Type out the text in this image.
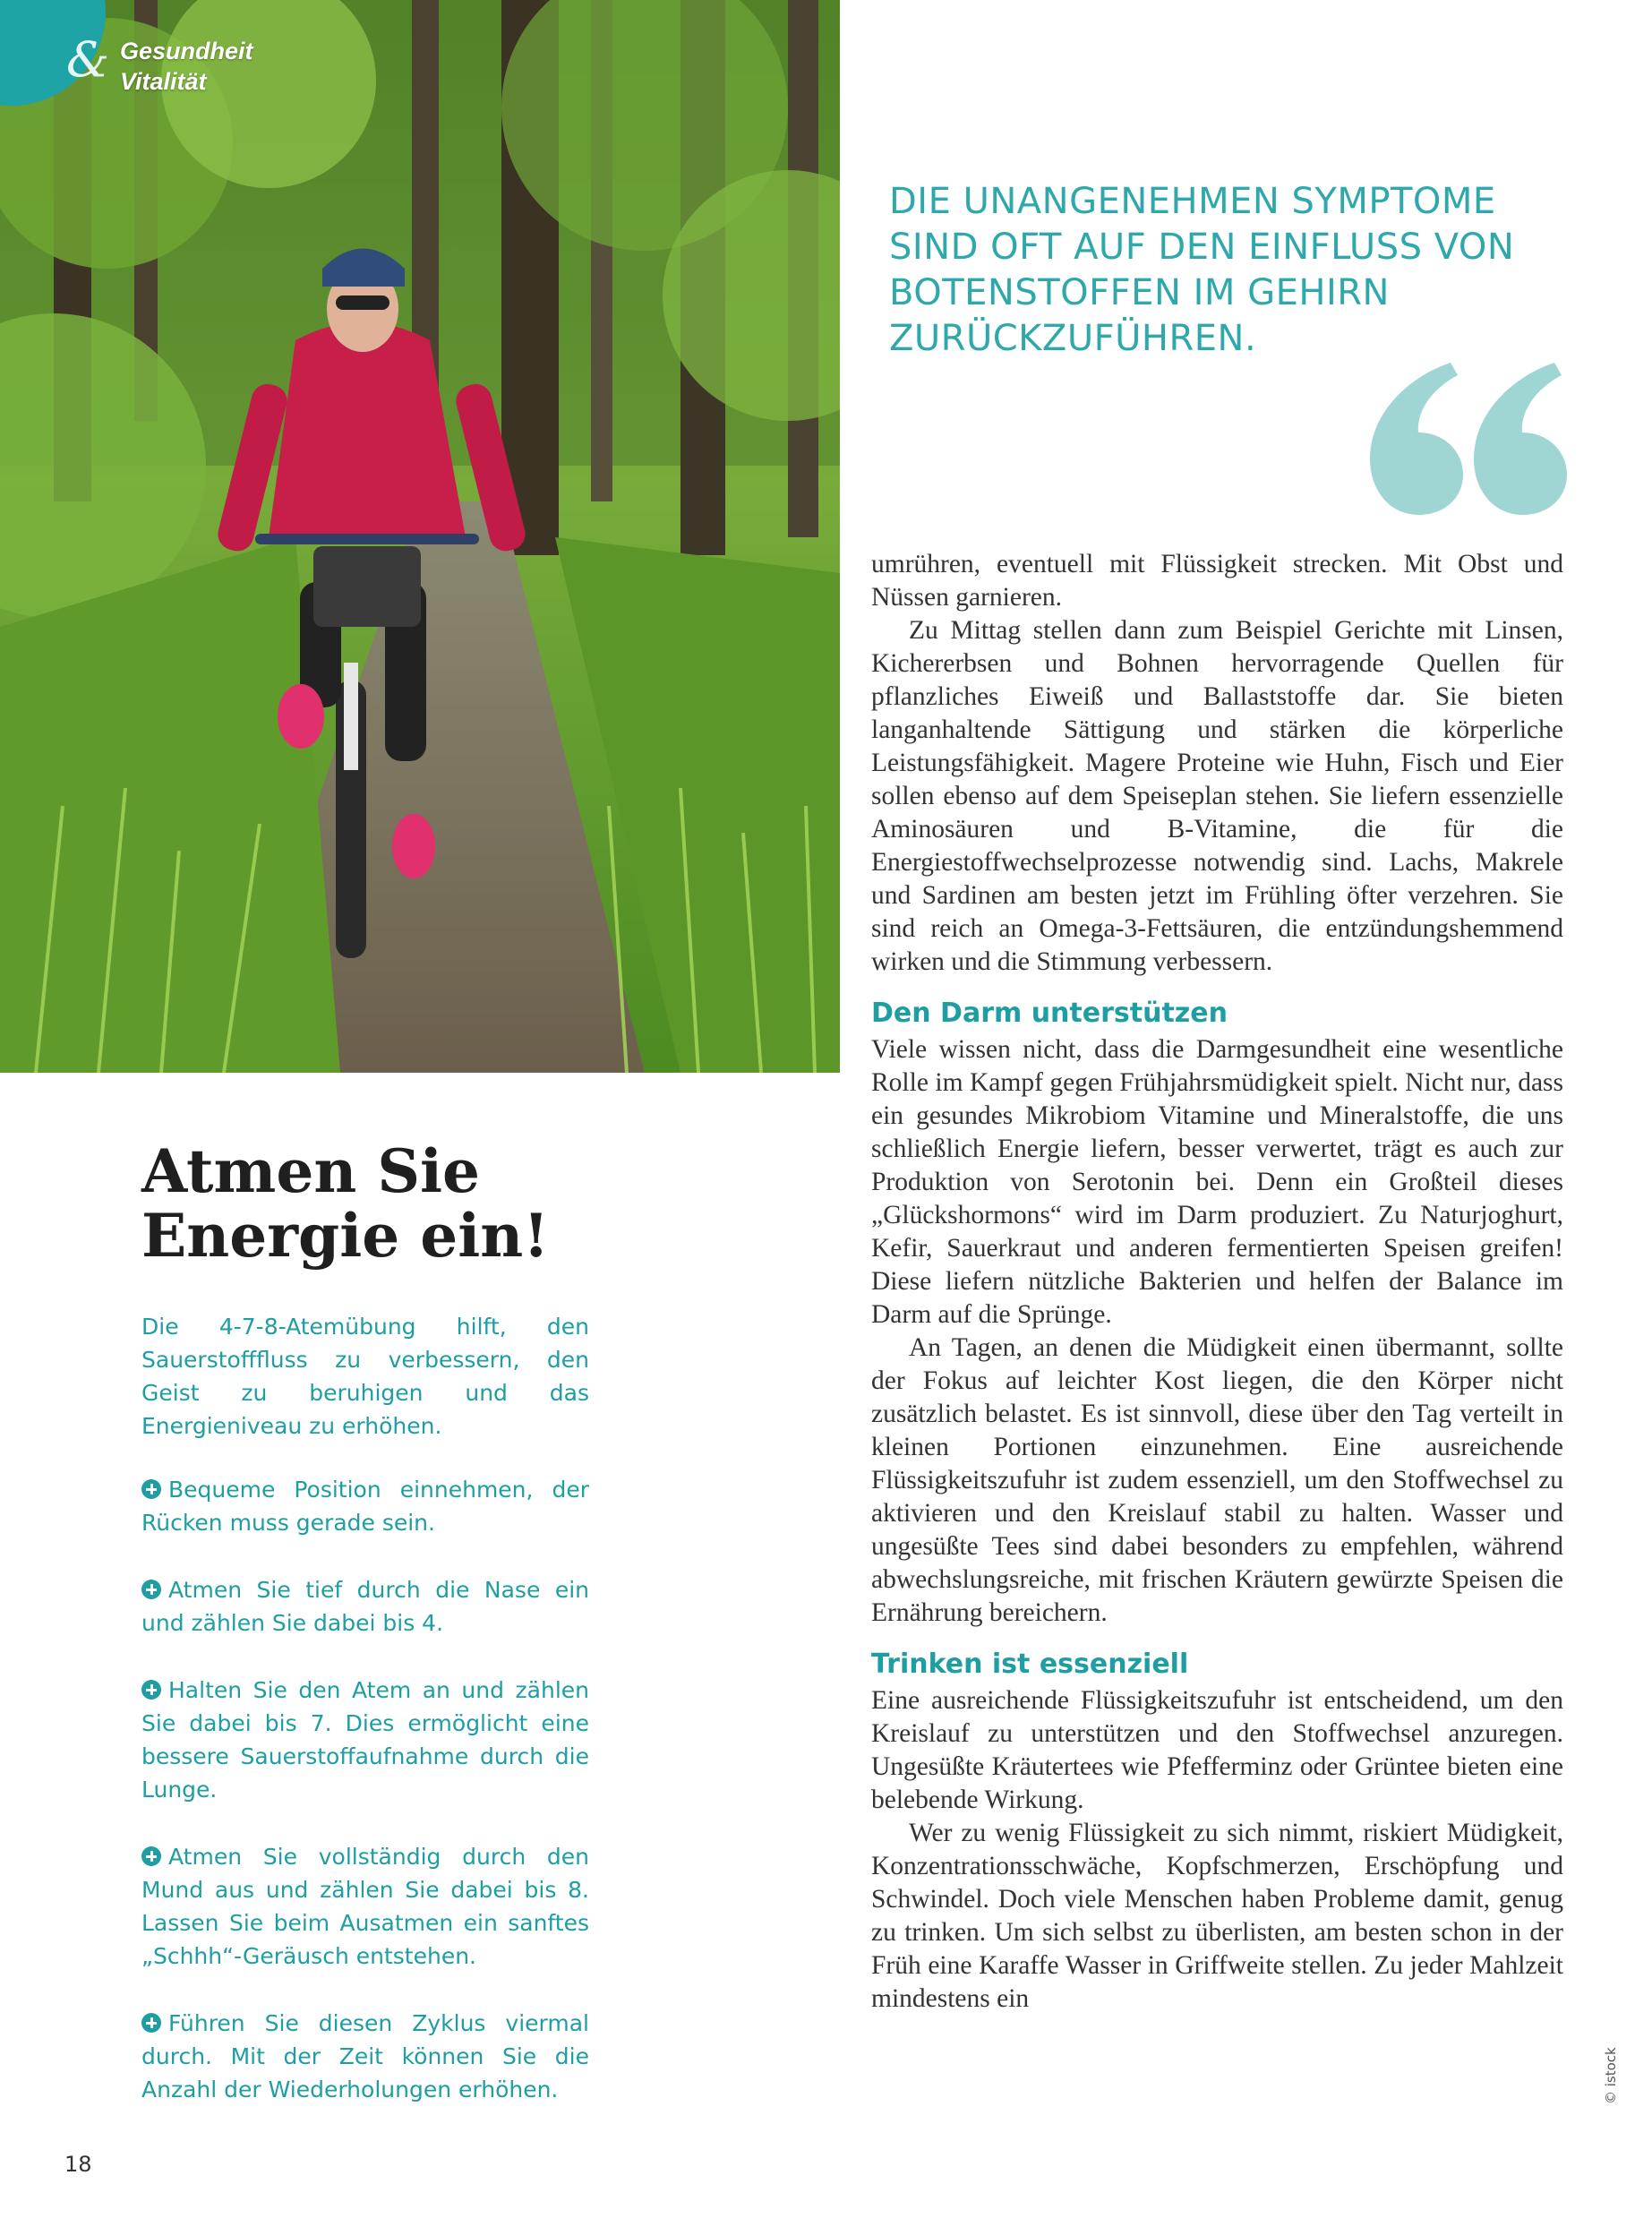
& Gesundheit
Vitalität
DIE UNANGENEHMEN SYMPTOME SIND OFT AUF DEN EINFLUSS VON BOTENSTOFFEN IM GEHIRN ZURÜCKZUFÜHREN.

umrühren, eventuell mit Flüssigkeit strecken. Mit Obst und Nüssen garnieren.

Zu Mittag stellen dann zum Beispiel Gerichte mit Linsen, Kichererbsen und Bohnen hervorragende Quellen für pflanzliches Eiweiß und Ballaststoffe dar. Sie bieten langanhaltende Sättigung und stärken die körperliche Leistungsfähigkeit. Magere Proteine wie Huhn, Fisch und Eier sollen ebenso auf dem Speiseplan stehen. Sie liefern essenzielle Aminosäuren und B-Vitamine, die für die Energiestoffwechselprozesse notwendig sind. Lachs, Makrele und Sardinen am besten jetzt im Frühling öfter verzehren. Sie sind reich an Omega-3-Fettsäuren, die entzündungshemmend wirken und die Stimmung verbessern.

Den Darm unterstützen

Viele wissen nicht, dass die Darmgesundheit eine wesentliche Rolle im Kampf gegen Frühjahrsmüdigkeit spielt. Nicht nur, dass ein gesundes Mikrobiom Vitamine und Mineralstoffe, die uns schließlich Energie liefern, besser verwertet, trägt es auch zur Produktion von Serotonin bei. Denn ein Großteil dieses „Glückshormons“ wird im Darm produziert. Zu Naturjoghurt, Kefir, Sauerkraut und anderen fermentierten Speisen greifen! Diese liefern nützliche Bakterien und helfen der Balance im Darm auf die Sprünge.

An Tagen, an denen die Müdigkeit einen übermannt, sollte der Fokus auf leichter Kost liegen, die den Körper nicht zusätzlich belastet. Es ist sinnvoll, diese über den Tag verteilt in kleinen Portionen einzunehmen. Eine ausreichende Flüssigkeitszufuhr ist zudem essenziell, um den Stoffwechsel zu aktivieren und den Kreislauf stabil zu halten. Wasser und ungesüßte Tees sind dabei besonders zu empfehlen, während abwechslungsreiche, mit frischen Kräutern gewürzte Speisen die Ernährung bereichern.

Trinken ist essenziell

Eine ausreichende Flüssigkeitszufuhr ist entscheidend, um den Kreislauf zu unterstützen und den Stoffwechsel anzuregen. Ungesüßte Kräutertees wie Pfefferminz oder Grüntee bieten eine belebende Wirkung.

Wer zu wenig Flüssigkeit zu sich nimmt, riskiert Müdigkeit, Konzentrationsschwäche, Kopfschmerzen, Erschöpfung und Schwindel. Doch viele Menschen haben Probleme damit, genug zu trinken. Um sich selbst zu überlisten, am besten schon in der Früh eine Karaffe Wasser in Griffweite stellen. Zu jeder Mahlzeit mindestens ein

Atmen Sie Energie ein!

Die 4-7-8-Atemübung hilft, den Sauerstofffluss zu verbessern, den Geist zu beruhigen und das Energieniveau zu erhöhen.

Bequeme Position einnehmen, der Rücken muss gerade sein.
Atmen Sie tief durch die Nase ein und zählen Sie dabei bis 4.
Halten Sie den Atem an und zählen Sie dabei bis 7. Dies ermöglicht eine bessere Sauerstoffaufnahme durch die Lunge.
Atmen Sie vollständig durch den Mund aus und zählen Sie dabei bis 8. Lassen Sie beim Ausatmen ein sanftes „Schhh“-Geräusch entstehen.
Führen Sie diesen Zyklus viermal durch. Mit der Zeit können Sie die Anzahl der Wiederholungen erhöhen.
18
© istock
